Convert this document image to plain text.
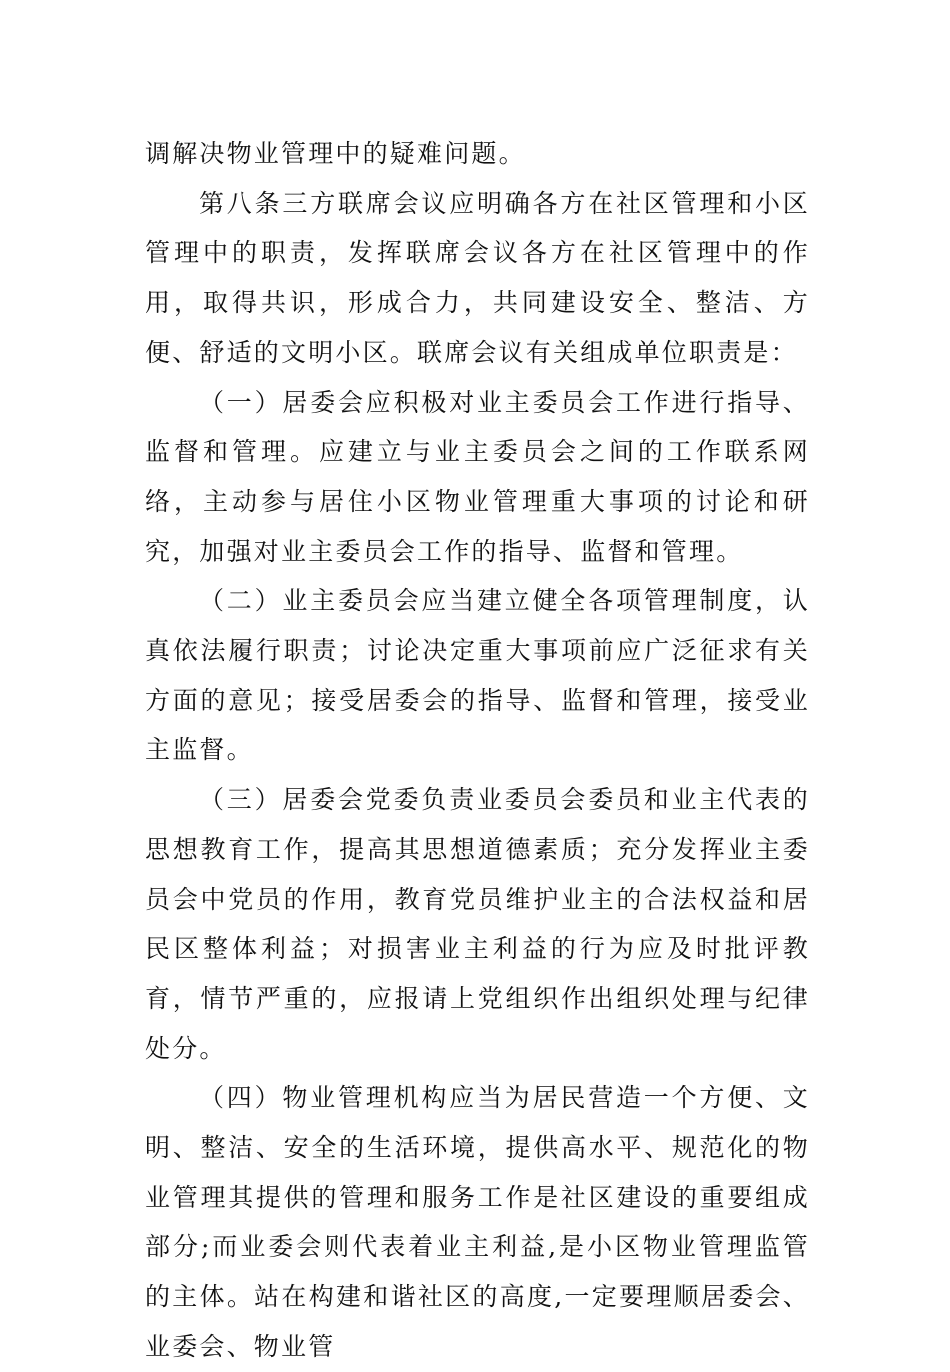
调解决物业管理中的疑难问题。

第八条三方联席会议应明确各方在社区管理和小区管理中的职责，发挥联席会议各方在社区管理中的作用，取得共识，形成合力，共同建设安全、整洁、方便、舒适的文明小区。联席会议有关组成单位职责是：

（一）居委会应积极对业主委员会工作进行指导、监督和管理。应建立与业主委员会之间的工作联系网络，主动参与居住小区物业管理重大事项的讨论和研究，加强对业主委员会工作的指导、监督和管理。

（二）业主委员会应当建立健全各项管理制度，认真依法履行职责；讨论决定重大事项前应广泛征求有关方面的意见；接受居委会的指导、监督和管理，接受业主监督。

（三）居委会党委负责业委员会委员和业主代表的思想教育工作，提高其思想道德素质；充分发挥业主委员会中党员的作用，教育党员维护业主的合法权益和居民区整体利益；对损害业主利益的行为应及时批评教育，情节严重的，应报请上党组织作出组织处理与纪律处分。

（四）物业管理机构应当为居民营造一个方便、文明、整洁、安全的生活环境，提供高水平、规范化的物业管理其提供的管理和服务工作是社区建设的重要组成部分;而业委会则代表着业主利益,是小区物业管理监管的主体。站在构建和谐社区的高度,一定要理顺居委会、业委会、物业管
